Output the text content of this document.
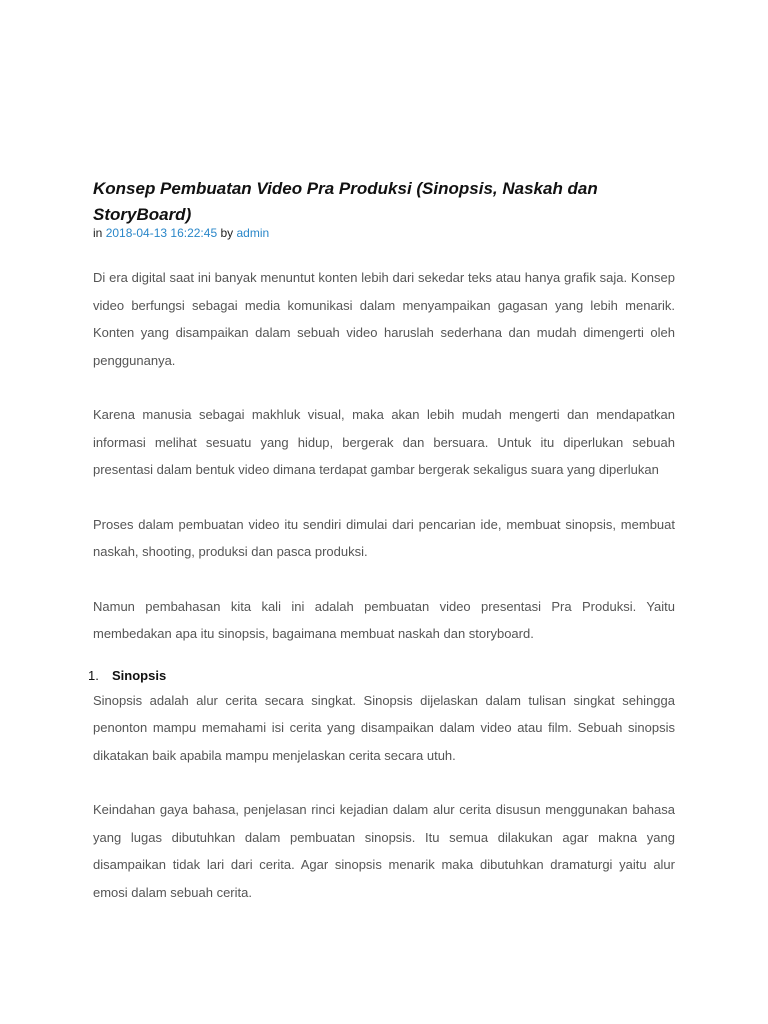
Konsep Pembuatan Video Pra Produksi (Sinopsis, Naskah dan StoryBoard)
in 2018-04-13 16:22:45 by admin

Di era digital saat ini banyak menuntut konten lebih dari sekedar teks atau hanya grafik saja. Konsep video berfungsi sebagai media komunikasi dalam menyampaikan gagasan yang lebih menarik. Konten yang disampaikan dalam sebuah video haruslah sederhana dan mudah dimengerti oleh penggunanya.

Karena manusia sebagai makhluk visual, maka akan lebih mudah mengerti dan mendapatkan informasi melihat sesuatu yang hidup, bergerak dan bersuara. Untuk itu diperlukan sebuah presentasi dalam bentuk video dimana terdapat gambar bergerak sekaligus suara yang diperlukan

Proses dalam pembuatan video itu sendiri dimulai dari pencarian ide, membuat sinopsis, membuat naskah, shooting, produksi dan pasca produksi.

Namun pembahasan kita kali ini adalah pembuatan video presentasi Pra Produksi. Yaitu membedakan apa itu sinopsis, bagaimana membuat naskah dan storyboard.

1.	Sinopsis

Sinopsis adalah alur cerita secara singkat. Sinopsis dijelaskan dalam tulisan singkat sehingga penonton mampu memahami isi cerita yang disampaikan dalam video atau film. Sebuah sinopsis dikatakan baik apabila mampu menjelaskan cerita secara utuh.

Keindahan gaya bahasa, penjelasan rinci kejadian dalam alur cerita disusun menggunakan bahasa yang lugas dibutuhkan dalam pembuatan sinopsis. Itu semua dilakukan agar makna yang disampaikan tidak lari dari cerita. Agar sinopsis menarik maka dibutuhkan dramaturgi yaitu alur emosi dalam sebuah cerita.
